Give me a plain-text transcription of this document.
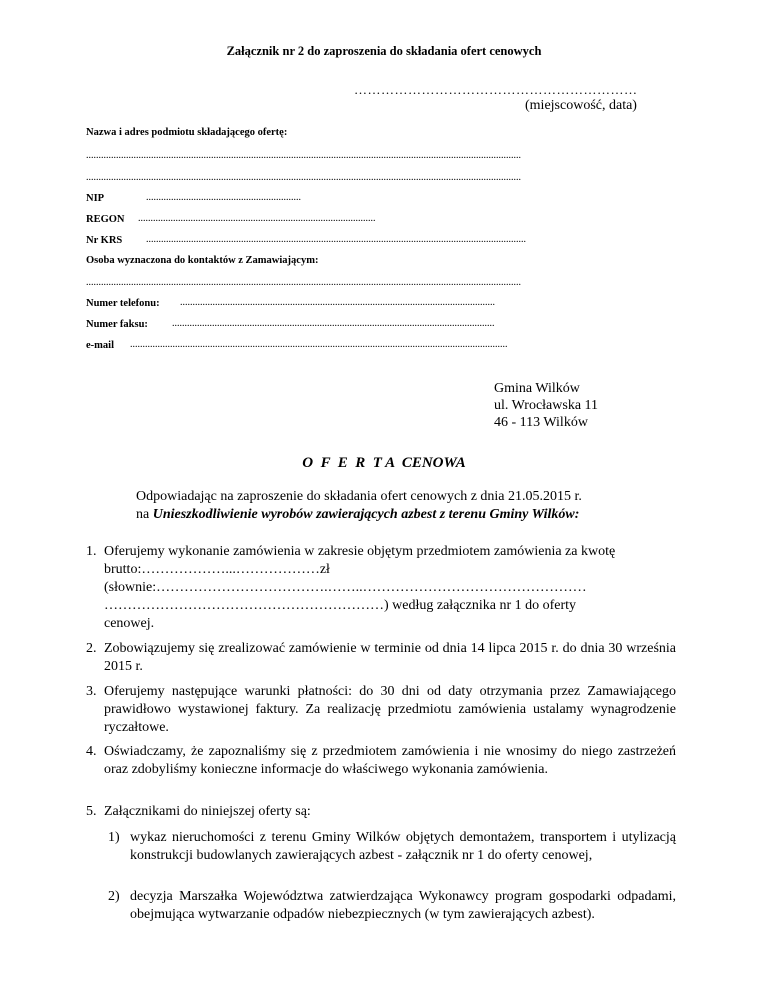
Załącznik nr 2 do zaproszenia do składania ofert cenowych
………………………………………………………
(miejscowość, data)
Nazwa i adres podmiotu składającego ofertę:
..............................................................................................................................................................................
..............................................................................................................................................................................
NIP	..............................................................
REGON ...............................................................................................
Nr KRS ........................................................................................................................................................
Osoba wyznaczona do kontaktów z Zamawiającym:
..............................................................................................................................................................................
Numer telefonu: ..............................................................................................................................
Numer faksu: .................................................................................................................................
e-mail .......................................................................................................................................................
Gmina Wilków
ul. Wrocławska 11
46 - 113 Wilków
O  F  E  R  T A  CENOWA
Odpowiadając na zaproszenie do składania ofert cenowych z dnia 21.05.2015 r.
na Unieszkodliwienie wyrobów zawierających azbest z terenu Gminy Wilków:
1. Oferujemy wykonanie zamówienia w zakresie objętym przedmiotem zamówienia za kwotę
brutto:………………...………………zł
(słownie:……………………………….……..…………………………………………
……………………………………………………) według załącznika nr 1 do oferty
cenowej.
2. Zobowiązujemy się zrealizować zamówienie w terminie od dnia 14 lipca 2015 r. do dnia 30 września 2015 r.
3. Oferujemy następujące warunki płatności: do 30 dni od daty otrzymania przez Zamawiającego prawidłowo wystawionej faktury. Za realizację przedmiotu zamówienia ustalamy wynagrodzenie ryczałtowe.
4. Oświadczamy, że zapoznaliśmy się z przedmiotem zamówienia i nie wnosimy do niego zastrzeżeń oraz zdobyliśmy konieczne informacje do właściwego wykonania zamówienia.
5. Załącznikami do niniejszej oferty są:
1) wykaz nieruchomości z terenu Gminy Wilków objętych demontażem, transportem i utylizacją konstrukcji budowlanych zawierających azbest - załącznik nr 1 do oferty cenowej,
2) decyzja Marszałka Województwa zatwierdzająca Wykonawcy program gospodarki odpadami, obejmująca wytwarzanie odpadów niebezpiecznych (w tym zawierających azbest).
